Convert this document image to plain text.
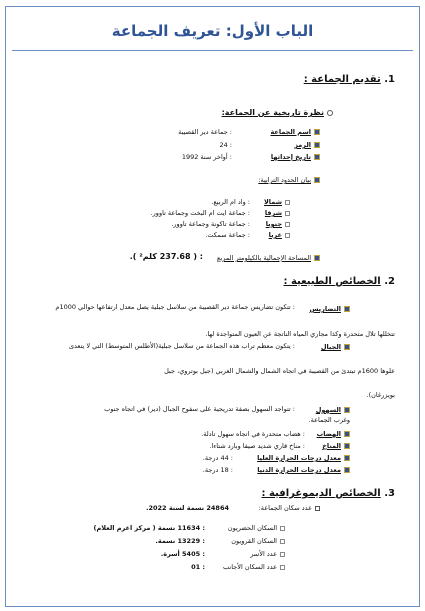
الباب الأول: تعريف الجماعة
1. تقديم الجماعة :
نظرة تاريخية عن الجماعة:
اسم الجماعة
: جماعة دير القصيبة
الرمز
: 24
تاريخ إحداثها
: أواخر سنة 1992
بيان الحدود الترابية:
شمالا
: واد ام الربيع.
شرقا
: جماعة ايت ام البخت وجماعة تاوور.
جنوبا
: جماعة تاكونة وجماعة تاوور.
غربا
: جماعة سمكت.
المساحة الإجمالية بالكيلومتر المربع
: ( 237.68 كلم² ).
2. الخصائص الطبيعية :
التضاريس
: تتكون تضاريس جماعة دير القصيبة من سلاسل جبلية يصل معدل ارتفاعها حوالي 1000م
تتخللها تلال متحدرة وكذا مجاري المياه الناتجة عن العيون المتواجدة لها.
الجبال
: يتكون معظم تراب هذه الجماعة من سلاسل جبلية(الأطلس المتوسط) التي لا يتعدى
علوها 1600م تبتدئ من القصيبة في اتجاه الشمال والشمال الغربي (جبل بوتروي، جبل
بويزرغان).
السهول
: تتواجد السهول بصفة تدريجية على سفوح الجبال (دير) في اتجاه جنوب
وغرب الجماعة.
الهضاب
: هضاب متحدرة في اتجاه سهول تادلة.
المناخ
: مناخ قاري شديد صيفا وبارد شتاءا.
معدل درجات الحرارة العليا
: 44 درجة.
معدل درجات الحرارة الدنيا
: 18 درجة.
3. الخصائص الديموغرافية :
عدد سكان الجماعة:
24864 نسمة لسنة 2022.
السكان الحضريون
: 11634 نسمة ( مركز اغرم العلام)
السكان القرويون
: 13229 نسمة.
عدد الأسر
: 5405 أسرة.
عدد السكان الأجانب
: 01
